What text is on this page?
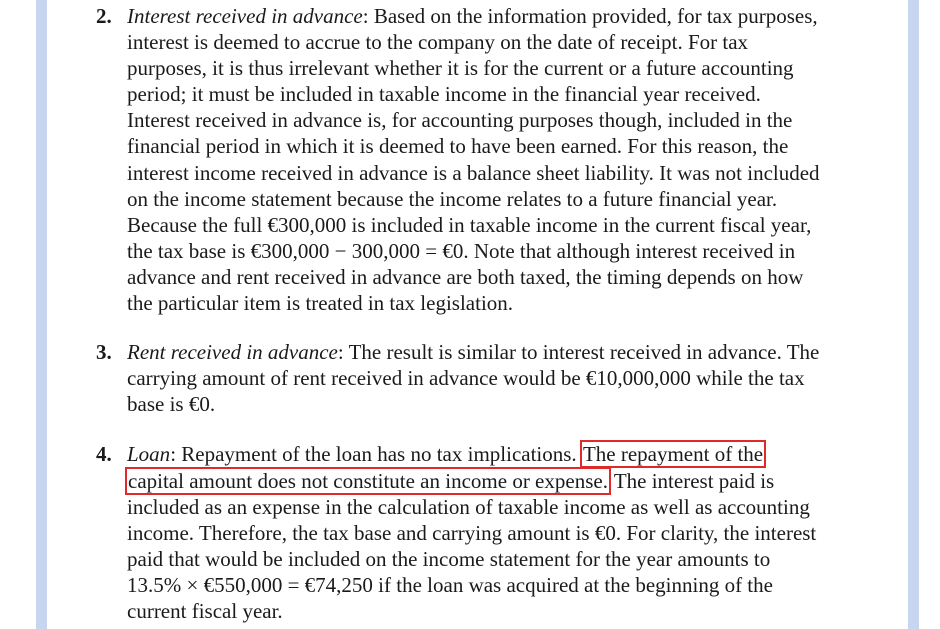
2. Interest received in advance: Based on the information provided, for tax purposes,
interest is deemed to accrue to the company on the date of receipt. For tax
purposes, it is thus irrelevant whether it is for the current or a future accounting
period; it must be included in taxable income in the financial year received.
Interest received in advance is, for accounting purposes though, included in the
financial period in which it is deemed to have been earned. For this reason, the
interest income received in advance is a balance sheet liability. It was not included
on the income statement because the income relates to a future financial year.
Because the full €300,000 is included in taxable income in the current fiscal year,
the tax base is €300,000 − 300,000 = €0. Note that although interest received in
advance and rent received in advance are both taxed, the timing depends on how
the particular item is treated in tax legislation.
3. Rent received in advance: The result is similar to interest received in advance. The
carrying amount of rent received in advance would be €10,000,000 while the tax
base is €0.
4. Loan: Repayment of the loan has no tax implications. The repayment of the
capital amount does not constitute an income or expense. The interest paid is
included as an expense in the calculation of taxable income as well as accounting
income. Therefore, the tax base and carrying amount is €0. For clarity, the interest
paid that would be included on the income statement for the year amounts to
13.5% × €550,000 = €74,250 if the loan was acquired at the beginning of the
current fiscal year.
